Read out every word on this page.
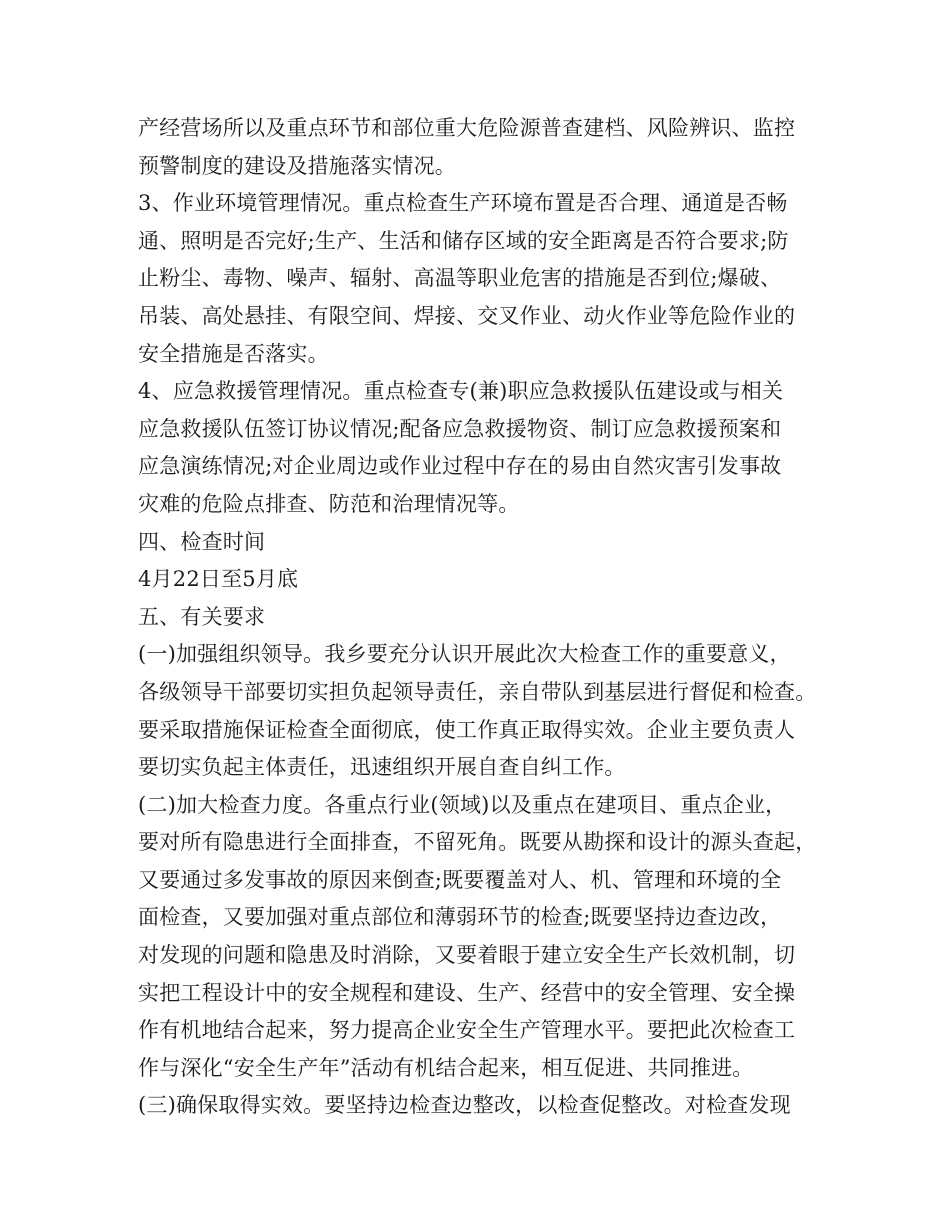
产经营场所以及重点环节和部位重大危险源普查建档、风险辨识、监控
预警制度的建设及措施落实情况。
3、作业环境管理情况。重点检查生产环境布置是否合理、通道是否畅
通、照明是否完好;生产、生活和储存区域的安全距离是否符合要求;防
止粉尘、毒物、噪声、辐射、高温等职业危害的措施是否到位;爆破、
吊装、高处悬挂、有限空间、焊接、交叉作业、动火作业等危险作业的
安全措施是否落实。
4、应急救援管理情况。重点检查专(兼)职应急救援队伍建设或与相关
应急救援队伍签订协议情况;配备应急救援物资、制订应急救援预案和
应急演练情况;对企业周边或作业过程中存在的易由自然灾害引发事故
灾难的危险点排查、防范和治理情况等。
四、检查时间
4月22日至5月底
五、有关要求
(一)加强组织领导。我乡要充分认识开展此次大检查工作的重要意义，
各级领导干部要切实担负起领导责任，亲自带队到基层进行督促和检查。
要采取措施保证检查全面彻底，使工作真正取得实效。企业主要负责人
要切实负起主体责任，迅速组织开展自查自纠工作。
(二)加大检查力度。各重点行业(领域)以及重点在建项目、重点企业，
要对所有隐患进行全面排查，不留死角。既要从勘探和设计的源头查起，
又要通过多发事故的原因来倒查;既要覆盖对人、机、管理和环境的全
面检查，又要加强对重点部位和薄弱环节的检查;既要坚持边查边改，
对发现的问题和隐患及时消除，又要着眼于建立安全生产长效机制，切
实把工程设计中的安全规程和建设、生产、经营中的安全管理、安全操
作有机地结合起来，努力提高企业安全生产管理水平。要把此次检查工
作与深化“安全生产年”活动有机结合起来，相互促进、共同推进。
(三)确保取得实效。要坚持边检查边整改，以检查促整改。对检查发现
